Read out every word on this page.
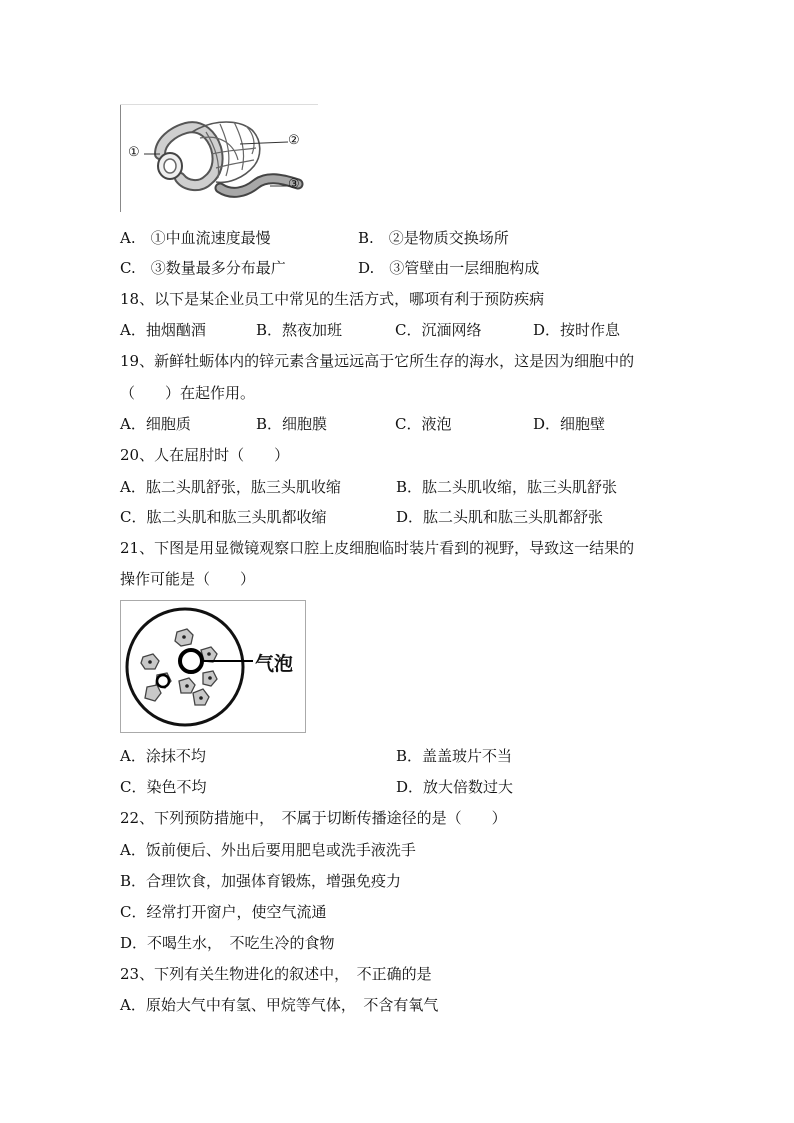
①
②
③
A.　①中血流速度最慢	B.　②是物质交换场所
C.　③数量最多分布最广	D.　③管壁由一层细胞构成
18、以下是某企业员工中常见的生活方式，哪项有利于预防疾病
A．抽烟酗酒	B．熬夜加班	C．沉湎网络	D．按时作息
19、新鲜牡蛎体内的锌元素含量远远高于它所生存的海水，这是因为细胞中的
（　　）在起作用。
A．细胞质	B．细胞膜	C．液泡	D．细胞壁
20、人在屈肘时（　　）
A．肱二头肌舒张，肱三头肌收缩	B．肱二头肌收缩，肱三头肌舒张
C．肱二头肌和肱三头肌都收缩	D．肱二头肌和肱三头肌都舒张
21、下图是用显微镜观察口腔上皮细胞临时装片看到的视野，导致这一结果的
操作可能是（　　）
气泡
A．涂抹不均	B．盖盖玻片不当
C．染色不均	D．放大倍数过大
22、下列预防措施中，　不属于切断传播途径的是（　　）
A．饭前便后、外出后要用肥皂或洗手液洗手
B．合理饮食，加强体育锻炼，增强免疫力
C．经常打开窗户，使空气流通
D．不喝生水，　不吃生冷的食物
23、下列有关生物进化的叙述中，　不正确的是
A．原始大气中有氢、甲烷等气体，　不含有氧气
